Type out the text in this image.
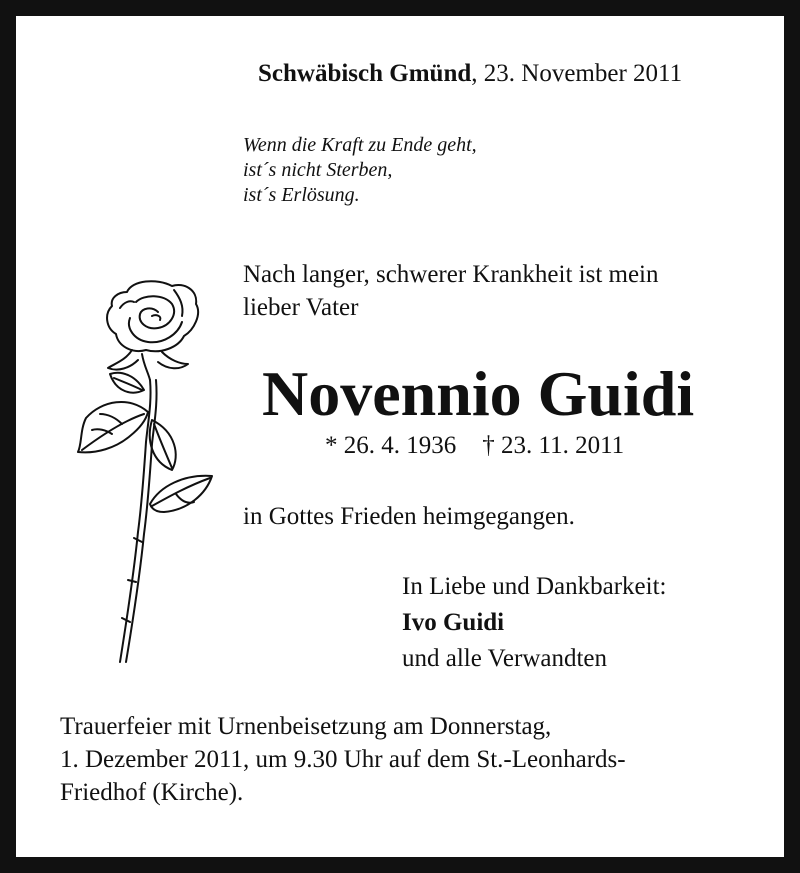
Schwäbisch Gmünd, 23. November 2011
Wenn die Kraft zu Ende geht,
ist´s nicht Sterben,
ist´s Erlösung.
Nach langer, schwerer Krankheit ist mein
lieber Vater
Novennio Guidi
* 26. 4. 1936 † 23. 11. 2011
in Gottes Frieden heimgegangen.
In Liebe und Dankbarkeit:
Ivo Guidi
und alle Verwandten
Trauerfeier mit Urnenbeisetzung am Donnerstag,
1. Dezember 2011, um 9.30 Uhr auf dem St.-Leonhards-
Friedhof (Kirche).
